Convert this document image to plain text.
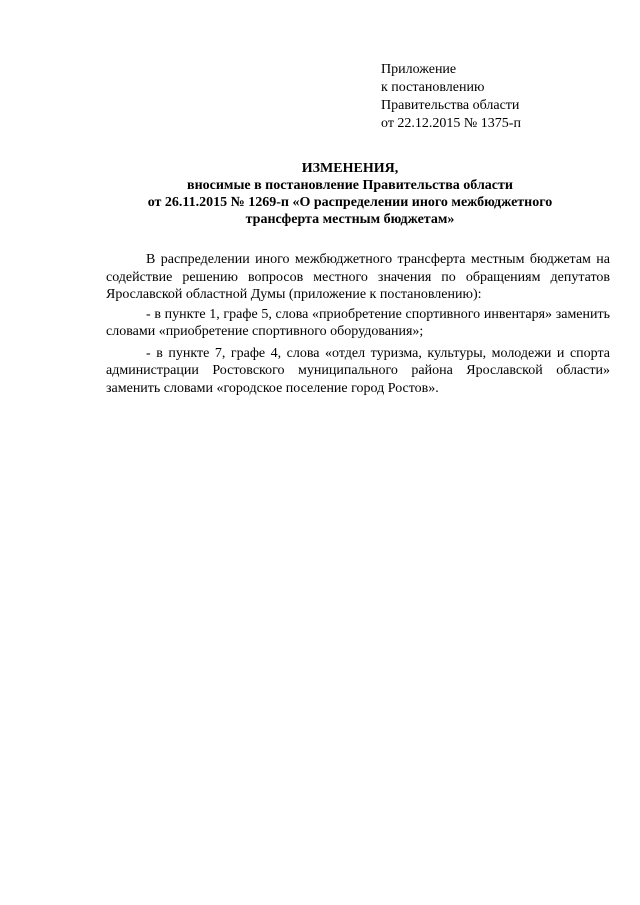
Приложение
к постановлению
Правительства области
от 22.12.2015 № 1375-п
ИЗМЕНЕНИЯ,
вносимые в постановление Правительства области
от 26.11.2015 № 1269-п «О распределении иного межбюджетного
трансферта местным бюджетам»

В распределении иного межбюджетного трансферта местным бюджетам на содействие решению вопросов местного значения по обращениям депутатов Ярославской областной Думы (приложение к постановлению):

- в пункте 1, графе 5, слова «приобретение спортивного инвентаря» заменить словами «приобретение спортивного оборудования»;

- в пункте 7, графе 4, слова «отдел туризма, культуры, молодежи и спорта администрации Ростовского муниципального района Ярославской области» заменить словами «городское поселение город Ростов».
